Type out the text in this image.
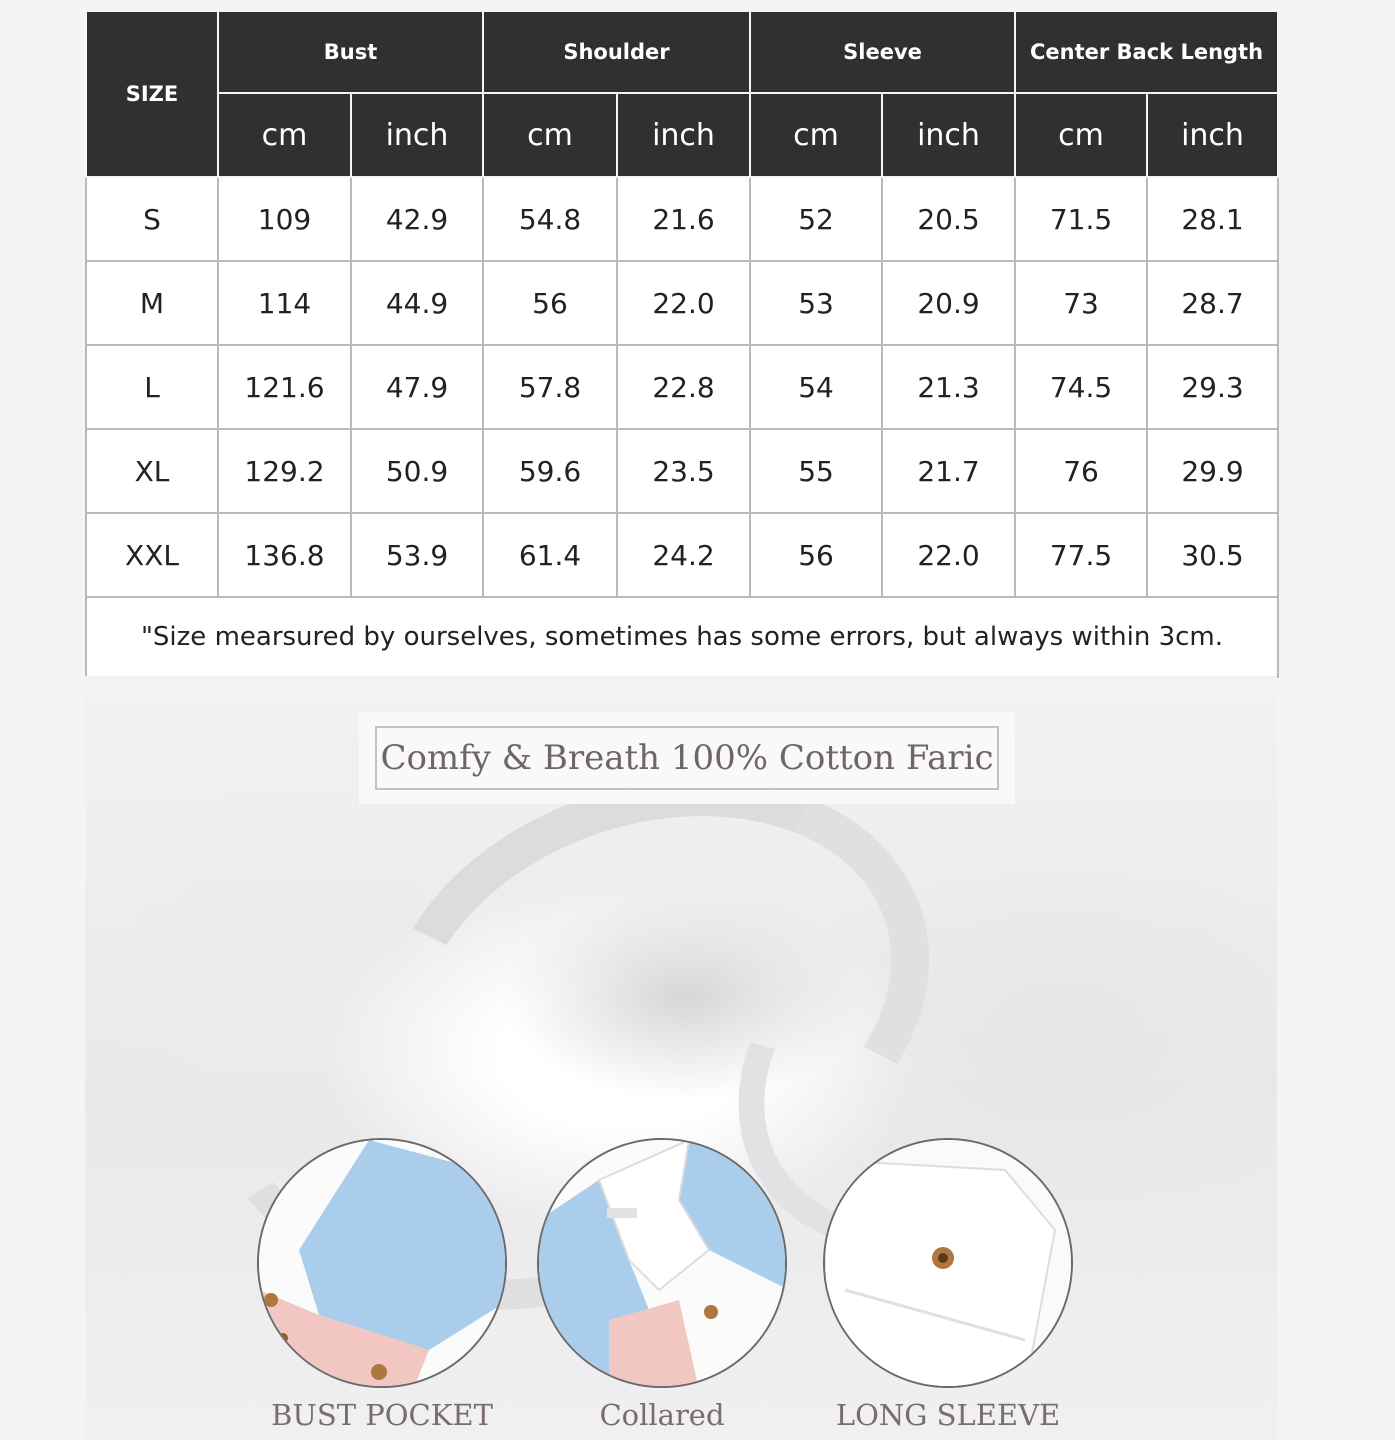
SIZE	Bust		Shoulder		Sleeve		Center Back Length	
	cm	inch	cm	inch	cm	inch	cm	inch
S	109	42.9	54.8	21.6	52	20.5	71.5	28.1
M	114	44.9	56	22.0	53	20.9	73	28.7
L	121.6	47.9	57.8	22.8	54	21.3	74.5	29.3
XL	129.2	50.9	59.6	23.5	55	21.7	76	29.9
XXL	136.8	53.9	61.4	24.2	56	22.0	77.5	30.5
"Size mearsured by ourselves, sometimes has some errors, but always within 3cm.								
Comfy & Breath 100% Cotton Faric
BUST POCKET	Collared	LONG SLEEVE
